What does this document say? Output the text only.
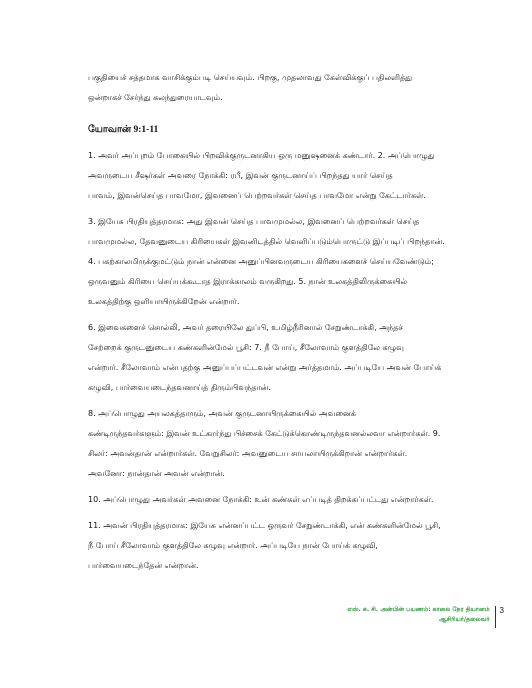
பகுதியைச் சத்தமாக வாசிக்கும்படி செய்யவும். பிறகு, முதலாவது கேள்விக்குப் பதிலளித்து

ஒன்றாகச் சேர்ந்து கலந்துரையாடவும்.

யோவான் 9:1-11

1. அவர் அப்புறம் போகையில் பிறவிக்குருடனாகிய ஒரு மனுஷனைக் கண்டார். 2. அப்பொழுது

அவருடைய சீஷர்கள் அவரை நோக்கி: ரபீ, இவன் குருடனாய்ப் பிறந்தது யார் செய்த

பாவம், இவன்செய்த பாவமோ, இவனைப் பெற்றவர்கள் செய்த பாவமோ என்று கேட்டார்கள்.

3. இயேசு பிரதியுத்தரமாக: அது இவன் செய்த பாவமுமல்ல, இவனைப் பெற்றவர்கள் செய்த

பாவமுமல்ல, தேவனுடைய கிரியைகள் இவனிடத்தில் வெளிப்படும்பொருட்டு இப்படிப் பிறந்தான்.

4. பகற்காலமிருக்குமட்டும் நான் என்னை அனுப்பினவருடைய கிரியைகளைச் செய்யவேண்டும்;

ஒருவனும் கிரியை செய்யக்கூடாத இராக்காலம் வருகிறது. 5. நான் உலகத்திலிருக்கையில்

உலகத்திற்கு ஒளியாயிருக்கிறேன் என்றார்.

6. இவைகளைச் சொல்லி, அவர் தரையிலே துப்பி, உமிழ்நீரினால் சேறுண்டாக்கி, அந்தச்

சேற்றைக் குருடனுடைய கண்களின்மேல் பூசி: 7. நீ போய், சீலோவாம் குளத்திலே கழுவு

என்றார். சீலோவாம் என்பதற்கு அனுப்பப்பட்டவன் என்று அர்த்தமாம். அப்படியே அவன் போய்க்

கழுவி, பார்வையடைந்தவனாய்த் திரும்பிவந்தான்.

8. அப்பொழுது அயலகத்தாரும், அவன் குருடனாயிருக்கையில் அவனைக்

கண்டிருந்தவர்களும்: இவன் உட்கார்ந்து பிச்சைக் கேட்டுக்கொண்டிருந்தவனல்லவா என்றார்கள். 9.

சிலர்: அவன்தான் என்றார்கள். வேறுசிலர்: அவனுடைய சாயலாயிருக்கிறான் என்றார்கள்.

அவனோ: நான்தான் அவன் என்றான்.

10. அப்பொழுது அவர்கள் அவனை நோக்கி: உன் கண்கள் எப்படித் திறக்கப்பட்டது என்றார்கள்.

11. அவன் பிரதியுத்தரமாக: இயேசு என்னப்பட்ட ஒருவர் சேறுண்டாக்கி, என் கண்களின்மேல் பூசி,

நீ போய் சீலோவாம் குளத்திலே கழுவு என்றார். அப்படியே நான் போய்க் கழுவி,

பார்வையடைந்தேன் என்றான்.

எஸ். சு. சி. அன்பின் பயணம்: காலை நேர தியானம்
ஆசிரியர்/தலைவர்
3
